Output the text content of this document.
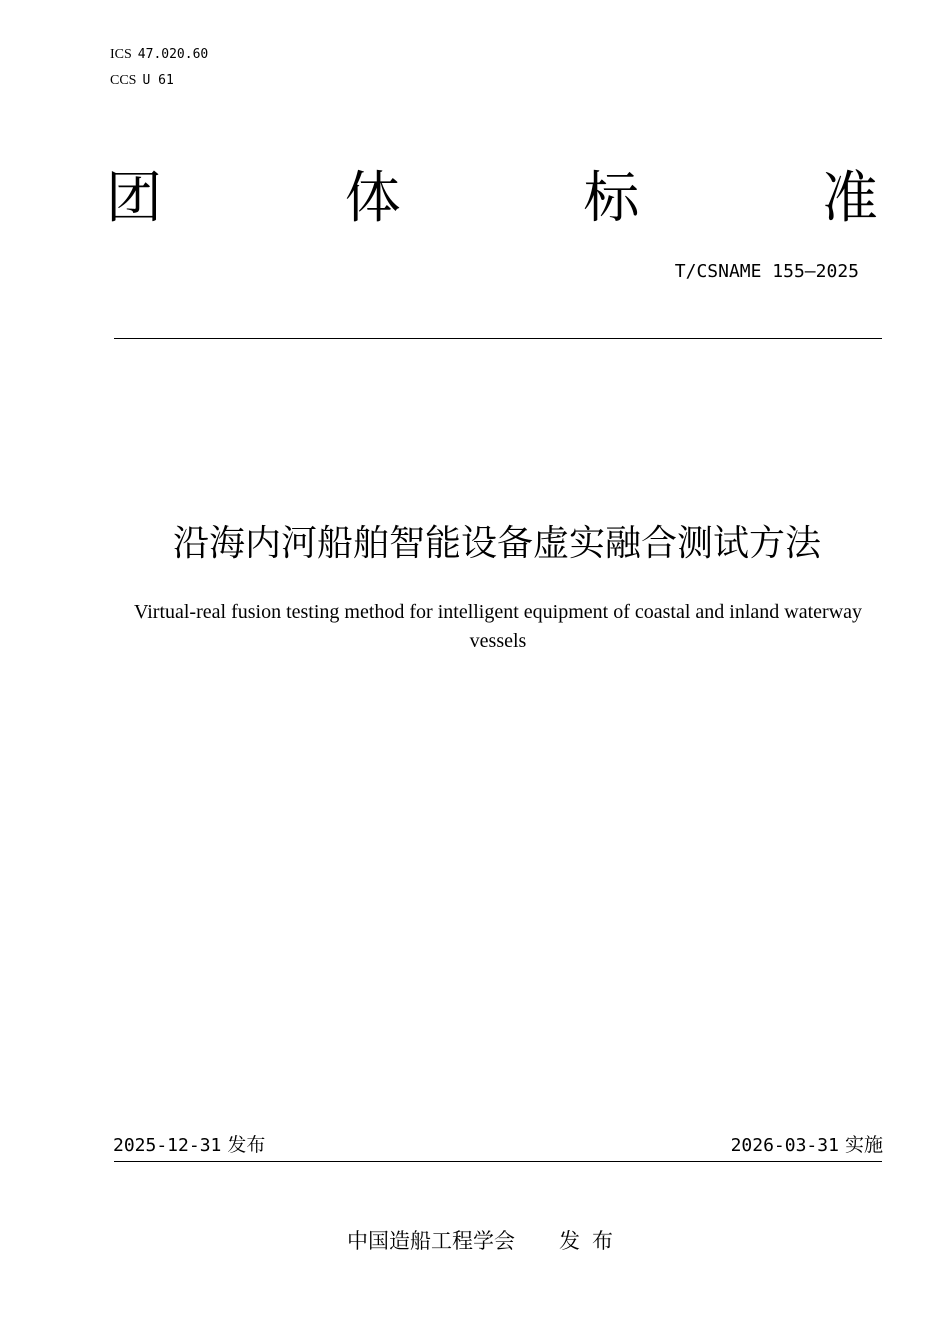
ICS 47.020.60
CCS U 61
团	体	标	准
T/CSNAME 155—2025
沿海内河船舶智能设备虚实融合测试方法
Virtual-real fusion testing method for intelligent equipment of coastal and inland waterway vessels
2025-12-31 发布	2026-03-31 实施
中国造船工程学会 发布
